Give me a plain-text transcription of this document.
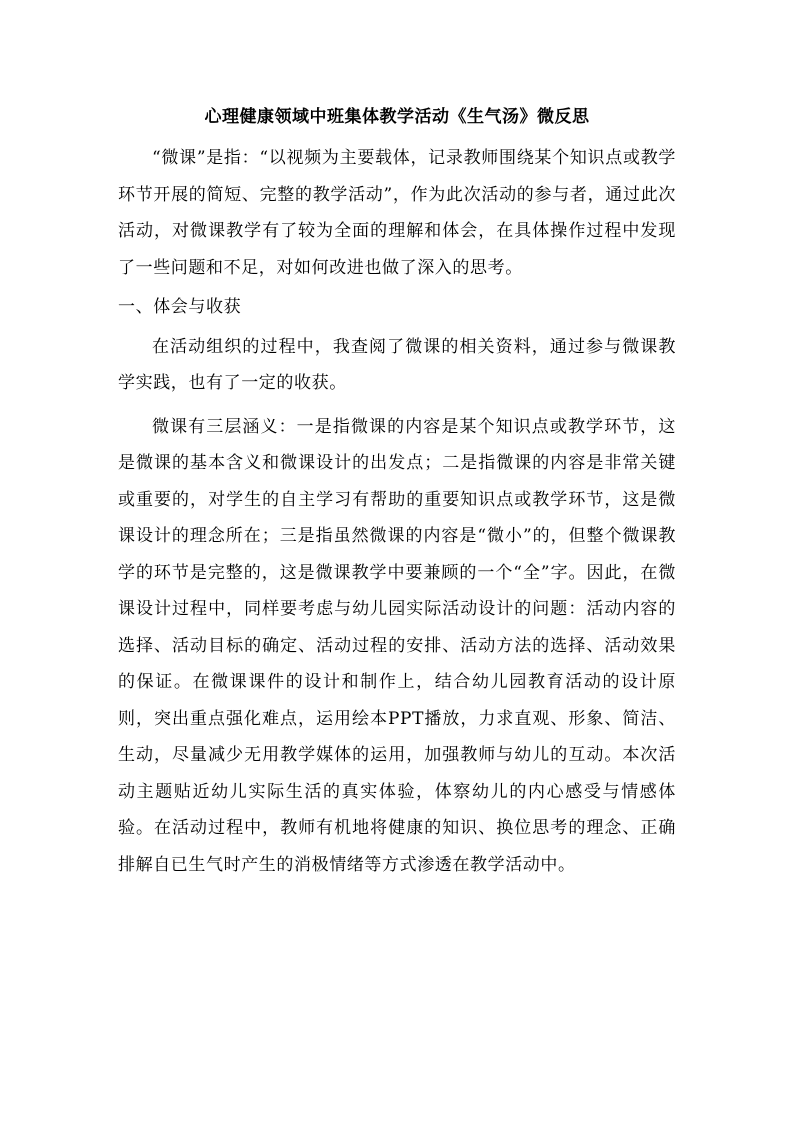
心理健康领域中班集体教学活动《生气汤》微反思

“微课”是指：“以视频为主要载体，记录教师围绕某个知识点或教学环节开展的简短、完整的教学活动”，作为此次活动的参与者，通过此次活动，对微课教学有了较为全面的理解和体会，在具体操作过程中发现了一些问题和不足，对如何改进也做了深入的思考。

一、体会与收获

在活动组织的过程中，我查阅了微课的相关资料，通过参与微课教学实践，也有了一定的收获。

微课有三层涵义：一是指微课的内容是某个知识点或教学环节，这是微课的基本含义和微课设计的出发点；二是指微课的内容是非常关键或重要的，对学生的自主学习有帮助的重要知识点或教学环节，这是微课设计的理念所在；三是指虽然微课的内容是“微小”的，但整个微课教学的环节是完整的，这是微课教学中要兼顾的一个“全”字。因此，在微课设计过程中，同样要考虑与幼儿园实际活动设计的问题：活动内容的选择、活动目标的确定、活动过程的安排、活动方法的选择、活动效果的保证。在微课课件的设计和制作上，结合幼儿园教育活动的设计原则，突出重点强化难点，运用绘本PPT播放，力求直观、形象、简洁、生动，尽量减少无用教学媒体的运用，加强教师与幼儿的互动。本次活动主题贴近幼儿实际生活的真实体验，体察幼儿的内心感受与情感体验。在活动过程中，教师有机地将健康的知识、换位思考的理念、正确排解自已生气时产生的消极情绪等方式渗透在教学活动中。
